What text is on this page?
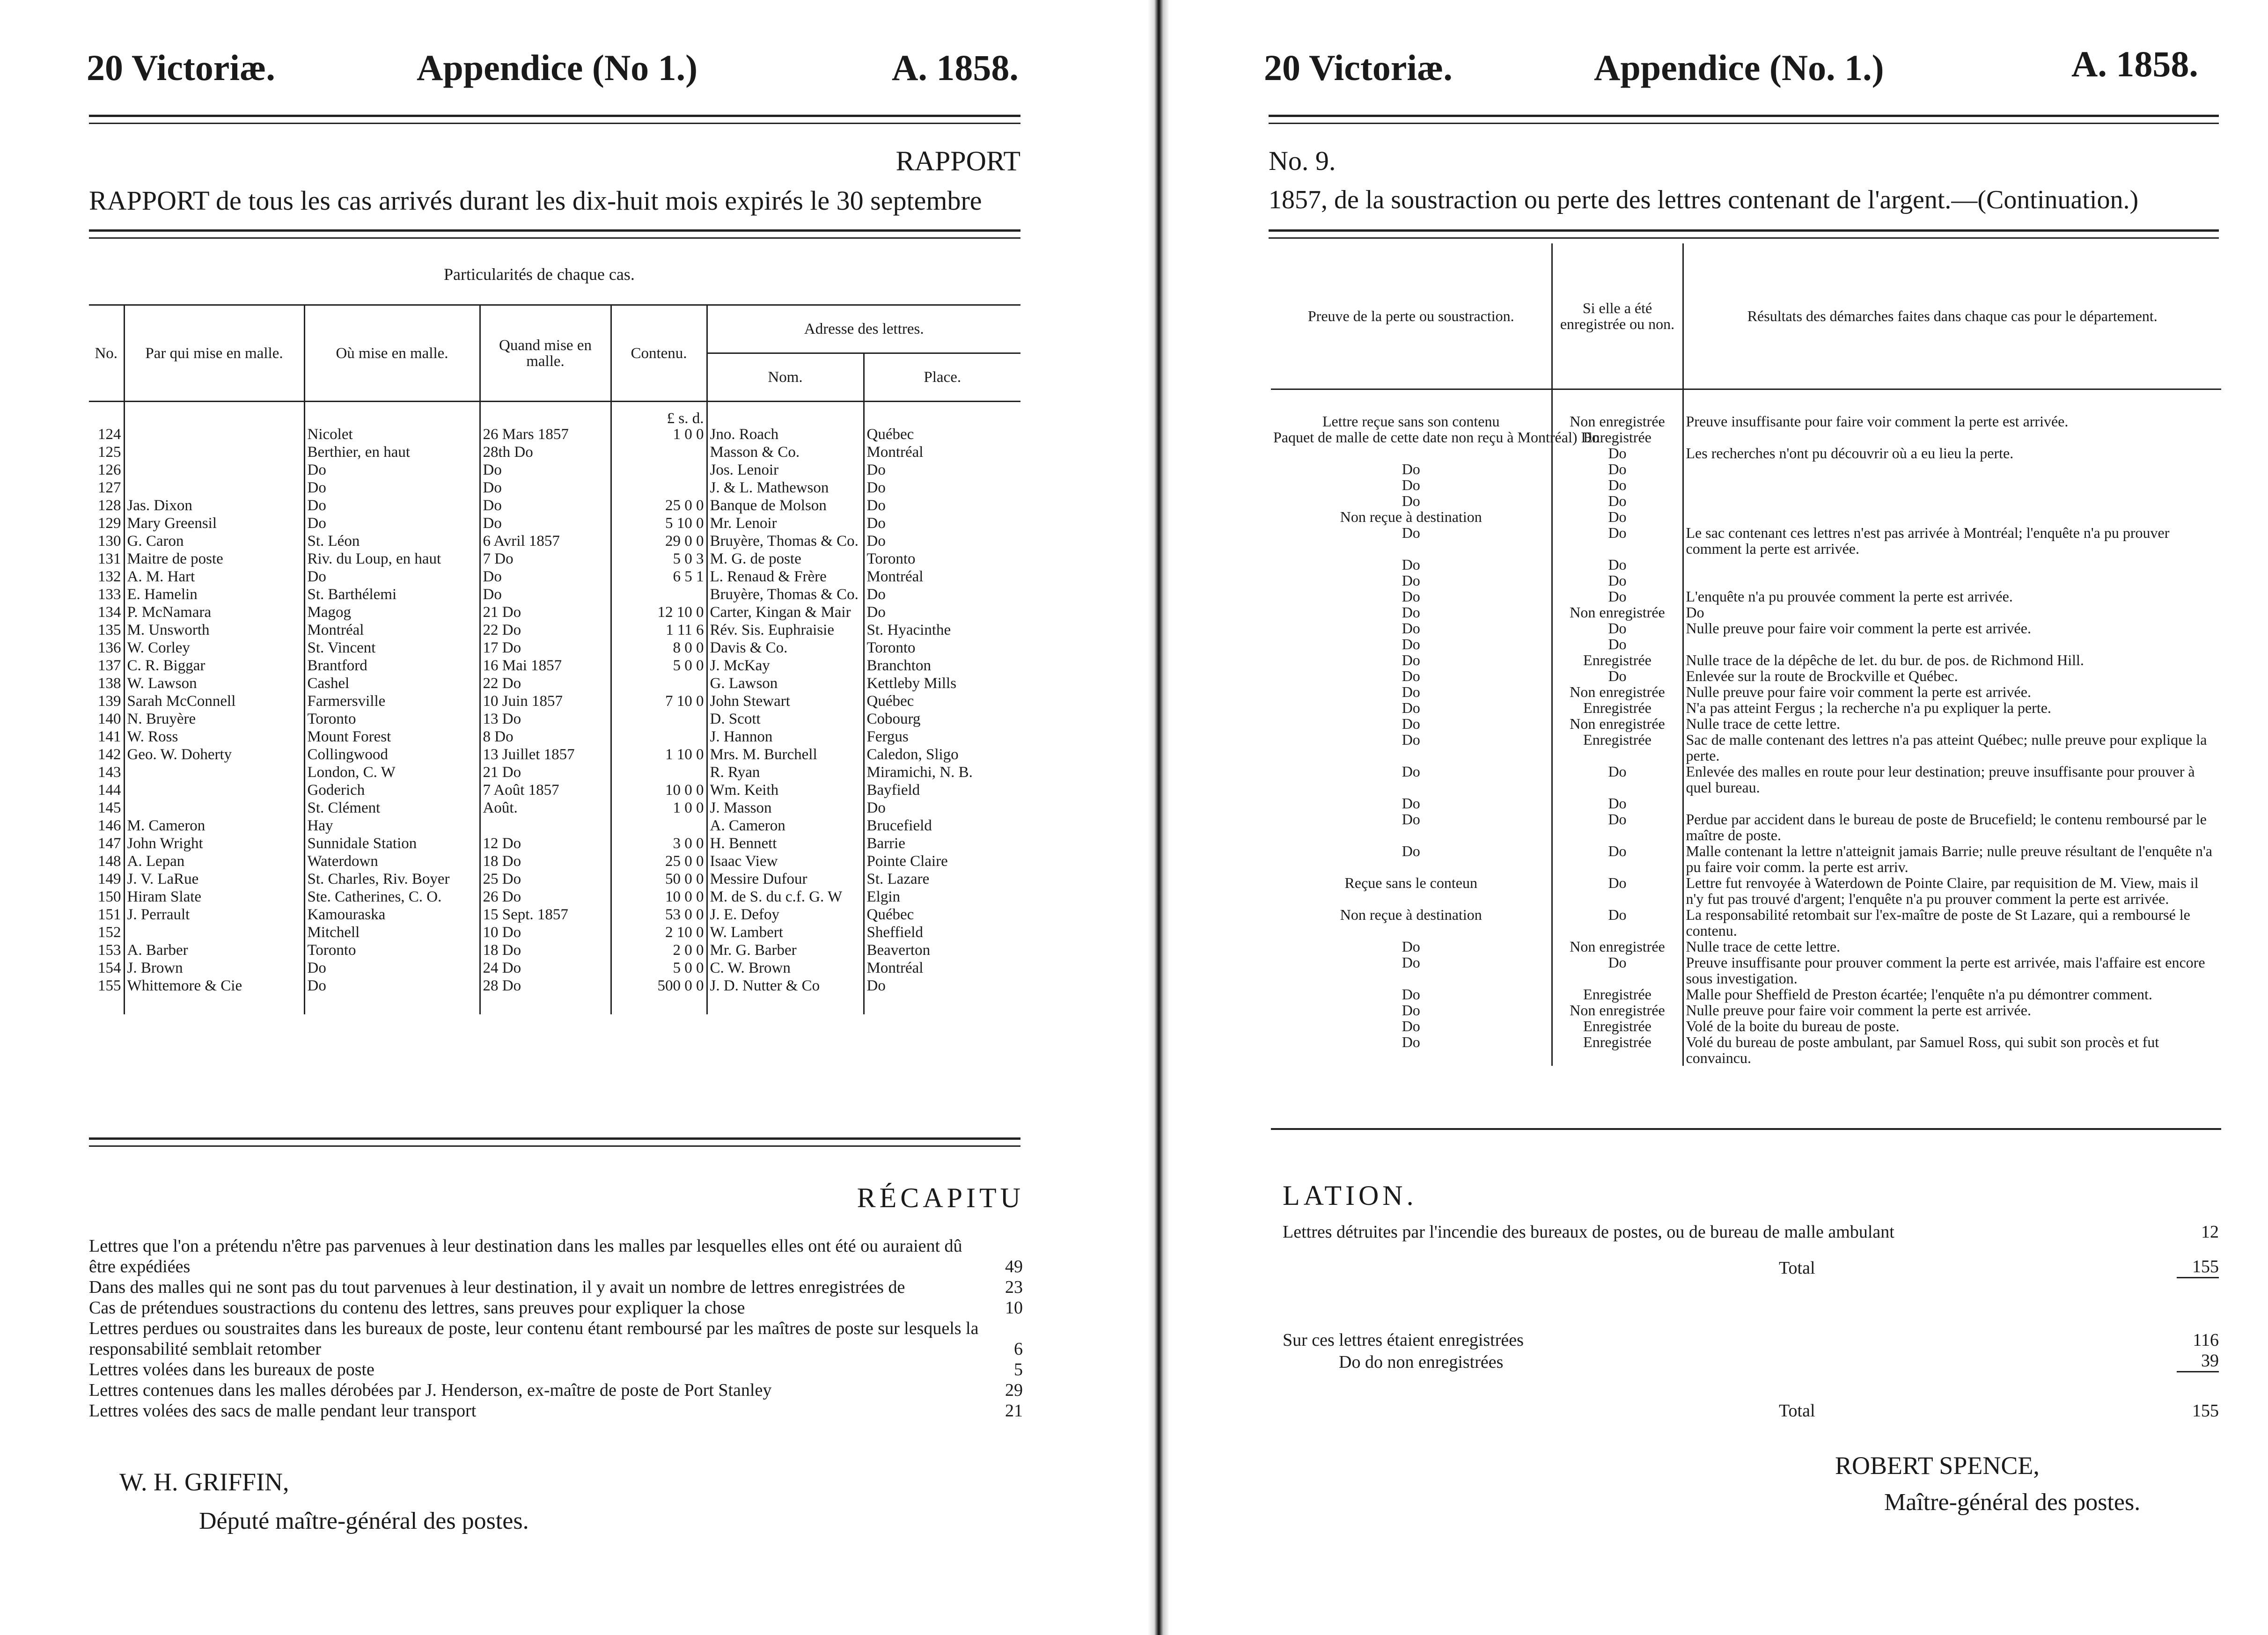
20 Victoriæ.	Appendice (No 1.)	A. 1858.
RAPPORT
RAPPORT de tous les cas arrivés durant les dix-huit mois expirés le 30 septembre
Particularités de chaque cas.
No.	Par qui mise en malle.	Où mise en malle.	Quand mise en malle.	Contenu.	Adresse des lettres.	
					Nom.	Place.
				£ s. d.		
124		Nicolet	26 Mars 1857	1 0 0	Jno. Roach	Québec
125		Berthier, en haut	28th Do		Masson & Co.	Montréal
126		Do	Do		Jos. Lenoir	Do
127		Do	Do		J. & L. Mathewson	Do
128	Jas. Dixon	Do	Do	25 0 0	Banque de Molson	Do
129	Mary Greensil	Do	Do	5 10 0	Mr. Lenoir	Do
130	G. Caron	St. Léon	6 Avril 1857	29 0 0	Bruyère, Thomas & Co.	Do
131	Maitre de poste	Riv. du Loup, en haut	7 Do	5 0 3	M. G. de poste	Toronto
132	A. M. Hart	Do	Do	6 5 1	L. Renaud & Frère	Montréal
133	E. Hamelin	St. Barthélemi	Do		Bruyère, Thomas & Co.	Do
134	P. McNamara	Magog	21 Do	12 10 0	Carter, Kingan & Mair	Do
135	M. Unsworth	Montréal	22 Do	1 11 6	Rév. Sis. Euphraisie	St. Hyacinthe
136	W. Corley	St. Vincent	17 Do	8 0 0	Davis & Co.	Toronto
137	C. R. Biggar	Brantford	16 Mai 1857	5 0 0	J. McKay	Branchton
138	W. Lawson	Cashel	22 Do		G. Lawson	Kettleby Mills
139	Sarah McConnell	Farmersville	10 Juin 1857	7 10 0	John Stewart	Québec
140	N. Bruyère	Toronto	13 Do		D. Scott	Cobourg
141	W. Ross	Mount Forest	8 Do		J. Hannon	Fergus
142	Geo. W. Doherty	Collingwood	13 Juillet 1857	1 10 0	Mrs. M. Burchell	Caledon, Sligo
143		London, C. W	21 Do		R. Ryan	Miramichi, N. B.
144		Goderich	7 Août 1857	10 0 0	Wm. Keith	Bayfield
145		St. Clément	Août.	1 0 0	J. Masson	Do
146	M. Cameron	Hay			A. Cameron	Brucefield
147	John Wright	Sunnidale Station	12 Do	3 0 0	H. Bennett	Barrie
148	A. Lepan	Waterdown	18 Do	25 0 0	Isaac View	Pointe Claire
149	J. V. LaRue	St. Charles, Riv. Boyer	25 Do	50 0 0	Messire Dufour	St. Lazare
150	Hiram Slate	Ste. Catherines, C. O.	26 Do	10 0 0	M. de S. du c.f. G. W	Elgin
151	J. Perrault	Kamouraska	15 Sept. 1857	53 0 0	J. E. Defoy	Québec
152		Mitchell	10 Do	2 10 0	W. Lambert	Sheffield
153	A. Barber	Toronto	18 Do	2 0 0	Mr. G. Barber	Beaverton
154	J. Brown	Do	24 Do	5 0 0	C. W. Brown	Montréal
155	Whittemore & Cie	Do	28 Do	500 0 0	J. D. Nutter & Co	Do

RÉCAPITU
Lettres que l'on a prétendu n'être pas parvenues à leur destination dans les malles par lesquelles elles ont été ou auraient dû être expédiées	49
Dans des malles qui ne sont pas du tout parvenues à leur destination, il y avait un nombre de lettres enregistrées de	23
Cas de prétendues soustractions du contenu des lettres, sans preuves pour expliquer la chose	10
Lettres perdues ou soustraites dans les bureaux de poste, leur contenu étant remboursé par les maîtres de poste sur lesquels la responsabilité semblait retomber	6
Lettres volées dans les bureaux de poste	5
Lettres contenues dans les malles dérobées par J. Henderson, ex-maître de poste de Port Stanley	29
Lettres volées des sacs de malle pendant leur transport	21
W. H. GRIFFIN,
Député maître-général des postes.
20 Victoriæ.	Appendice (No. 1.)	A. 1858.
No. 9.
1857, de la soustraction ou perte des lettres contenant de l'argent.—(Continuation.)
Preuve de la perte ou soustraction.	Si elle a été enregistrée ou non.	Résultats des démarches faites dans chaque cas pour le département.

Lettre reçue sans son contenu	Non enregistrée	Preuve insuffisante pour faire voir comment la perte est arrivée.
Paquet de malle de cette date non reçu à Montréal) Do	Enregistrée	
	Do	Les recherches n'ont pu découvrir où a eu lieu la perte.
Do	Do	
Do	Do	
Do	Do	
Non reçue à destination	Do	
Do	Do	Le sac contenant ces lettres n'est pas arrivée à Montréal; l'enquête n'a pu prouver comment la perte est arrivée.
Do	Do	
Do	Do	
Do	Do	L'enquête n'a pu prouvée comment la perte est arrivée.
Do	Non enregistrée	Do
Do	Do	Nulle preuve pour faire voir comment la perte est arrivée.
Do	Do	
Do	Enregistrée	Nulle trace de la dépêche de let. du bur. de pos. de Richmond Hill.
Do	Do	Enlevée sur la route de Brockville et Québec.
Do	Non enregistrée	Nulle preuve pour faire voir comment la perte est arrivée.
Do	Enregistrée	N'a pas atteint Fergus ; la recherche n'a pu expliquer la perte.
Do	Non enregistrée	Nulle trace de cette lettre.
Do	Enregistrée	Sac de malle contenant des lettres n'a pas atteint Québec; nulle preuve pour explique la perte.
Do	Do	Enlevée des malles en route pour leur destination; preuve insuffisante pour prouver à quel bureau.
Do	Do	
Do	Do	Perdue par accident dans le bureau de poste de Brucefield; le contenu remboursé par le maître de poste.
Do	Do	Malle contenant la lettre n'atteignit jamais Barrie; nulle preuve résultant de l'enquête n'a pu faire voir comm. la perte est arriv.
Reçue sans le conteun	Do	Lettre fut renvoyée à Waterdown de Pointe Claire, par requisition de M. View, mais il n'y fut pas trouvé d'argent; l'enquête n'a pu prouver comment la perte est arrivée.
Non reçue à destination	Do	La responsabilité retombait sur l'ex-maître de poste de St Lazare, qui a remboursé le contenu.
Do	Non enregistrée	Nulle trace de cette lettre.
Do	Do	Preuve insuffisante pour prouver comment la perte est arrivée, mais l'affaire est encore sous investigation.
Do	Enregistrée	Malle pour Sheffield de Preston écartée; l'enquête n'a pu démontrer comment.
Do	Non enregistrée	Nulle preuve pour faire voir comment la perte est arrivée.
Do	Enregistrée	Volé de la boite du bureau de poste.
Do	Enregistrée	Volé du bureau de poste ambulant, par Samuel Ross, qui subit son procès et fut convaincu.
LATION.
Lettres détruites par l'incendie des bureaux de postes, ou de bureau de malle ambulant	12
Total	155
Sur ces lettres étaient enregistrées	116
Do do non enregistrées	39
Total	155
ROBERT SPENCE,
Maître-général des postes.
